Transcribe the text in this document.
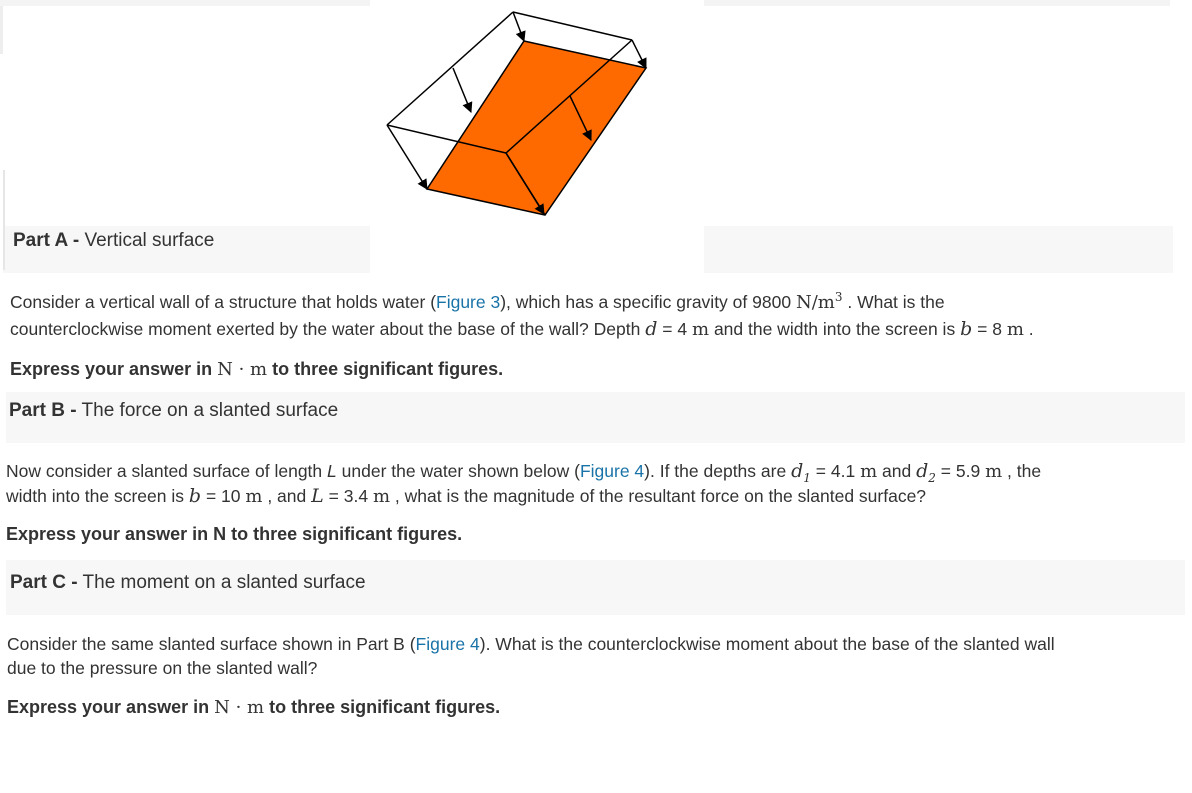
Part A - Vertical surface
Consider a vertical wall of a structure that holds water (Figure 3), which has a specific gravity of 9800 $N/m^3$ . What is the
counterclockwise moment exerted by the water about the base of the wall? Depth d = 4 m and the width into the screen is b = 8 m .
Express your answer in N · m to three significant figures.
Part B - The force on a slanted surface
Now consider a slanted surface of length L under the water shown below (Figure 4). If the depths are $d_1 = 4.1$ m and $d_2 = 5.9$ m , the
width into the screen is b = 10 m , and L = 3.4 m , what is the magnitude of the resultant force on the slanted surface?
Express your answer in N to three significant figures.
Part C - The moment on a slanted surface
Consider the same slanted surface shown in Part B (Figure 4). What is the counterclockwise moment about the base of the slanted wall
due to the pressure on the slanted wall?
Express your answer in N · m to three significant figures.
